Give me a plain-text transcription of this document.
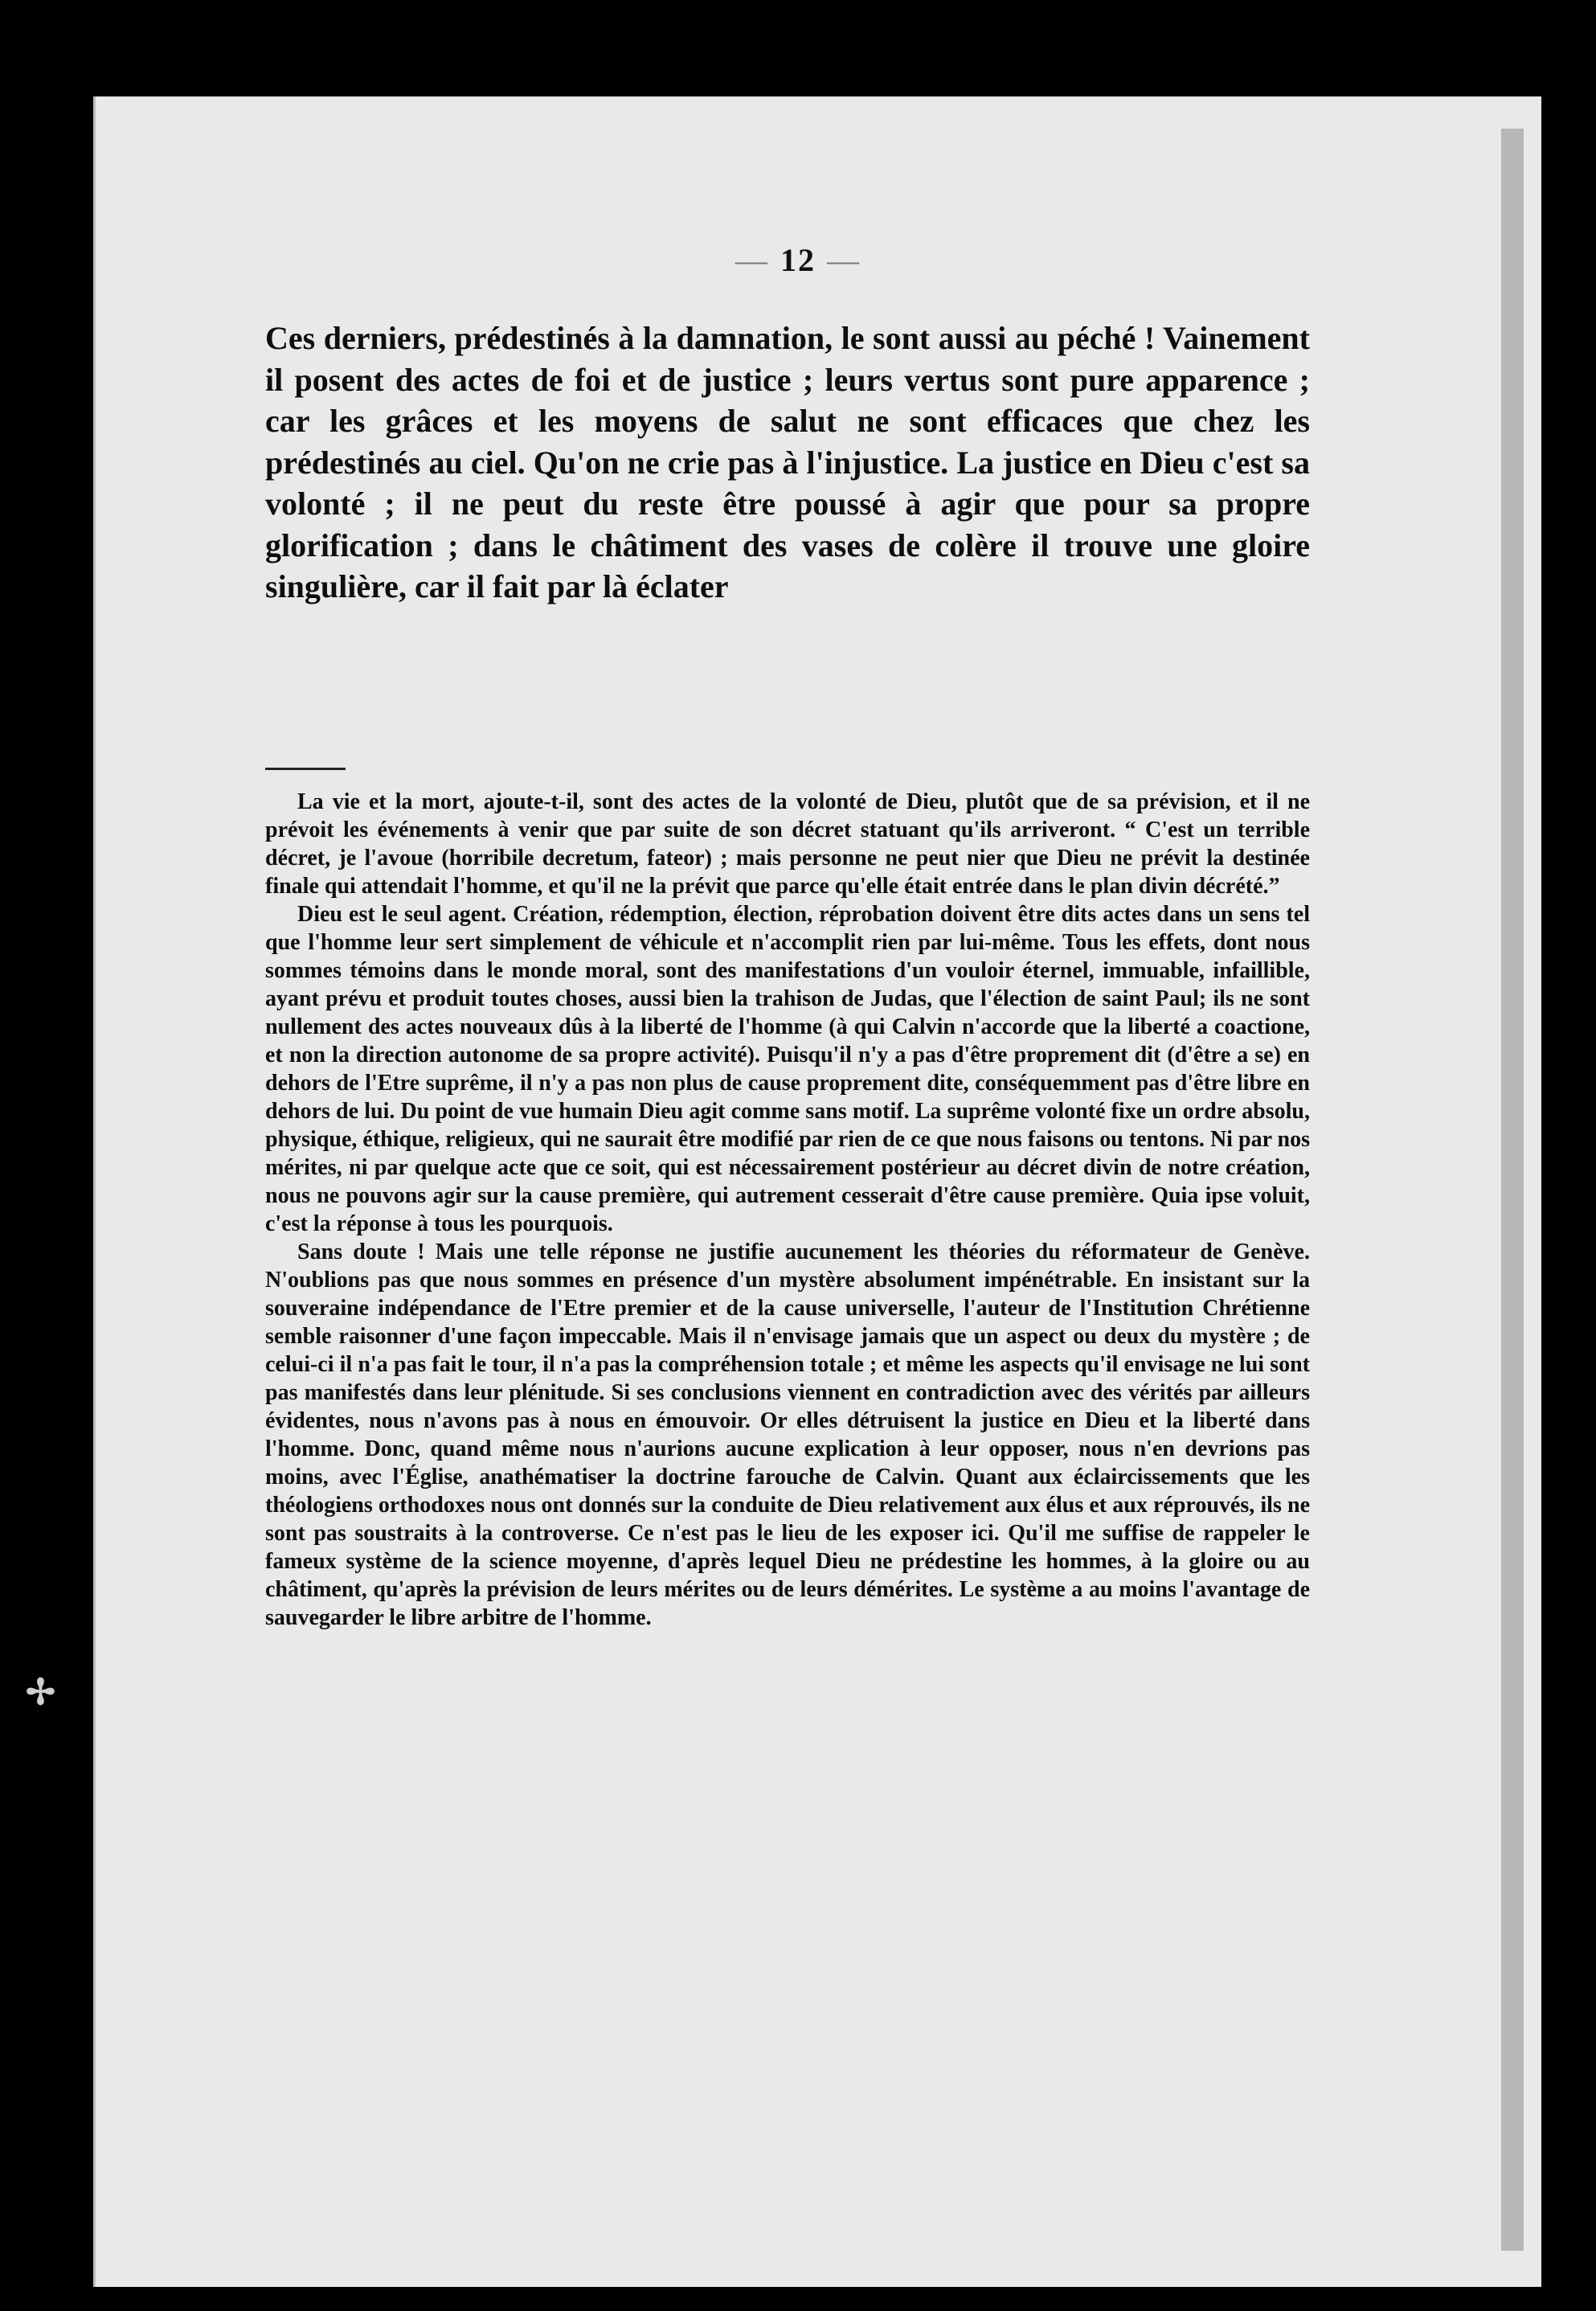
✢
— 12 —

Ces derniers, prédestinés à la damnation, le sont aussi au péché ! Vainement il posent des actes de foi et de justice ; leurs vertus sont pure apparence ; car les grâces et les moyens de salut ne sont efficaces que chez les prédestinés au ciel. Qu'on ne crie pas à l'injustice. La justice en Dieu c'est sa volonté ; il ne peut du reste être poussé à agir que pour sa propre glorification ; dans le châtiment des vases de colère il trouve une gloire singulière, car il fait par là éclater

La vie et la mort, ajoute-t-il, sont des actes de la volonté de Dieu, plutôt que de sa prévision, et il ne prévoit les événements à venir que par suite de son décret statuant qu'ils arriveront. “ C'est un terrible décret, je l'avoue (horribile decretum, fateor) ; mais personne ne peut nier que Dieu ne prévit la destinée finale qui attendait l'homme, et qu'il ne la prévit que parce qu'elle était entrée dans le plan divin décrété.”

Dieu est le seul agent. Création, rédemption, élection, réprobation doivent être dits actes dans un sens tel que l'homme leur sert simplement de véhicule et n'accomplit rien par lui-même. Tous les effets, dont nous sommes témoins dans le monde moral, sont des manifestations d'un vouloir éternel, immuable, infaillible, ayant prévu et produit toutes choses, aussi bien la trahison de Judas, que l'élection de saint Paul; ils ne sont nullement des actes nouveaux dûs à la liberté de l'homme (à qui Calvin n'accorde que la liberté a coactione, et non la direction autonome de sa propre activité). Puisqu'il n'y a pas d'être proprement dit (d'être a se) en dehors de l'Etre suprême, il n'y a pas non plus de cause proprement dite, conséquemment pas d'être libre en dehors de lui. Du point de vue humain Dieu agit comme sans motif. La suprême volonté fixe un ordre absolu, physique, éthique, religieux, qui ne saurait être modifié par rien de ce que nous faisons ou tentons. Ni par nos mérites, ni par quelque acte que ce soit, qui est nécessairement postérieur au décret divin de notre création, nous ne pouvons agir sur la cause première, qui autrement cesserait d'être cause première. Quia ipse voluit, c'est la réponse à tous les pourquois.

Sans doute ! Mais une telle réponse ne justifie aucunement les théories du réformateur de Genève. N'oublions pas que nous sommes en présence d'un mystère absolument impénétrable. En insistant sur la souveraine indépendance de l'Etre premier et de la cause universelle, l'auteur de l'Institution Chrétienne semble raisonner d'une façon impeccable. Mais il n'envisage jamais que un aspect ou deux du mystère ; de celui-ci il n'a pas fait le tour, il n'a pas la compréhension totale ; et même les aspects qu'il envisage ne lui sont pas manifestés dans leur plénitude. Si ses conclusions viennent en contradiction avec des vérités par ailleurs évidentes, nous n'avons pas à nous en émouvoir. Or elles détruisent la justice en Dieu et la liberté dans l'homme. Donc, quand même nous n'aurions aucune explication à leur opposer, nous n'en devrions pas moins, avec l'Église, anathématiser la doctrine farouche de Calvin. Quant aux éclaircissements que les théologiens orthodoxes nous ont donnés sur la conduite de Dieu relativement aux élus et aux réprouvés, ils ne sont pas soustraits à la controverse. Ce n'est pas le lieu de les exposer ici. Qu'il me suffise de rappeler le fameux système de la science moyenne, d'après lequel Dieu ne prédestine les hommes, à la gloire ou au châtiment, qu'après la prévision de leurs mérites ou de leurs démérites. Le système a au moins l'avantage de sauvegarder le libre arbitre de l'homme.
